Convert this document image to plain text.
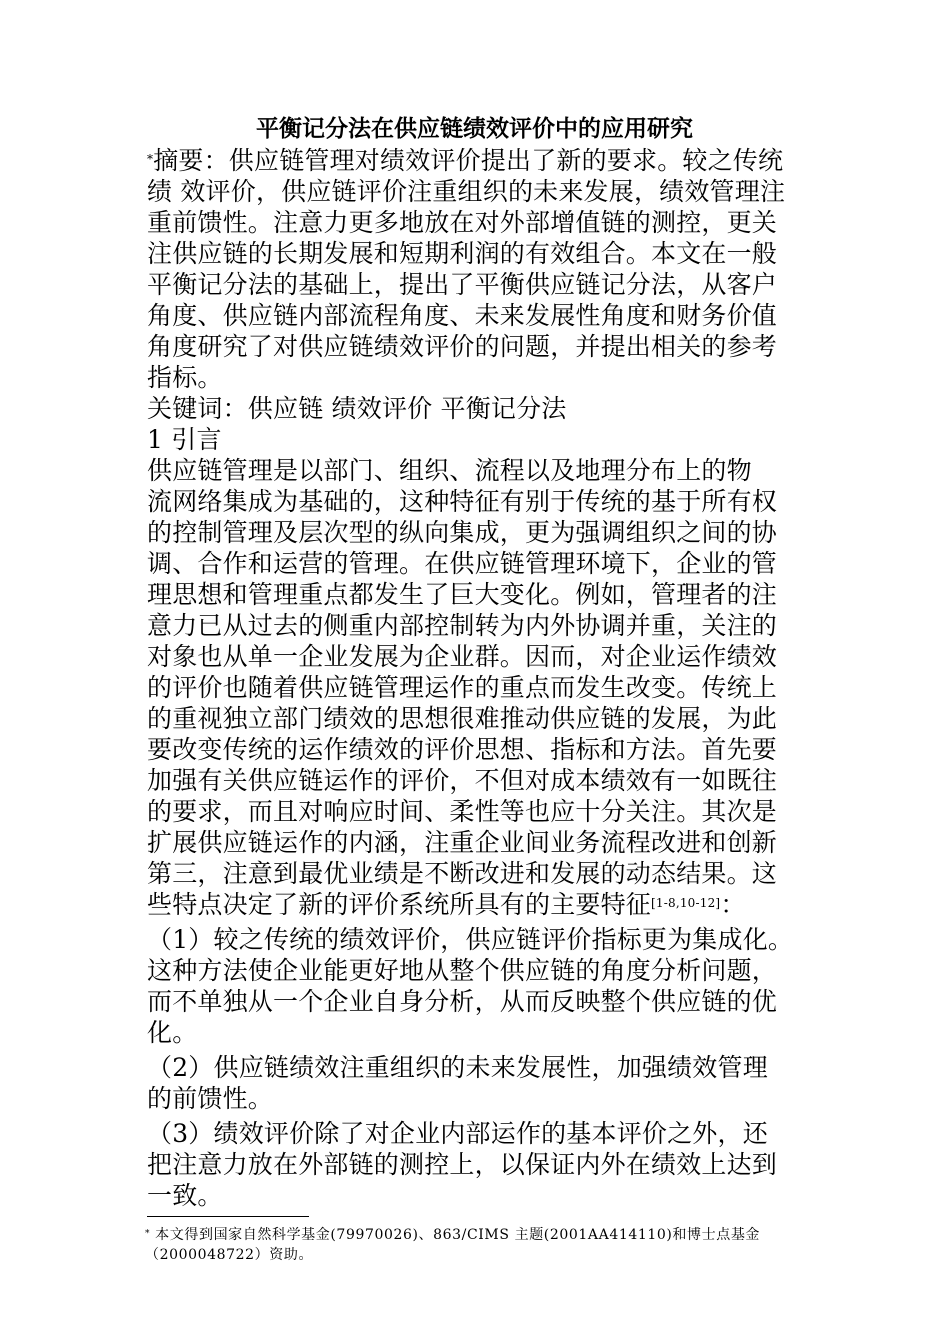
平衡记分法在供应链绩效评价中的应用研究
*摘要：供应链管理对绩效评价提出了新的要求。较之传统
绩 效评价，供应链评价注重组织的未来发展，绩效管理注
重前馈性。注意力更多地放在对外部增值链的测控，更关
注供应链的长期发展和短期利润的有效组合。本文在一般
平衡记分法的基础上，提出了平衡供应链记分法，从客户
角度、供应链内部流程角度、未来发展性角度和财务价值
角度研究了对供应链绩效评价的问题，并提出相关的参考
指标。
关键词：供应链 绩效评价 平衡记分法
1 引言
供应链管理是以部门、组织、流程以及地理分布上的物
流网络集成为基础的，这种特征有别于传统的基于所有权
的控制管理及层次型的纵向集成，更为强调组织之间的协
调、合作和运营的管理。在供应链管理环境下，企业的管
理思想和管理重点都发生了巨大变化。例如，管理者的注
意力已从过去的侧重内部控制转为内外协调并重，关注的
对象也从单一企业发展为企业群。因而，对企业运作绩效
的评价也随着供应链管理运作的重点而发生改变。传统上
的重视独立部门绩效的思想很难推动供应链的发展，为此
要改变传统的运作绩效的评价思想、指标和方法。首先要
加强有关供应链运作的评价，不但对成本绩效有一如既往
的要求，而且对响应时间、柔性等也应十分关注。其次是
扩展供应链运作的内涵，注重企业间业务流程改进和创新
第三，注意到最优业绩是不断改进和发展的动态结果。这
些特点决定了新的评价系统所具有的主要特征[1-8,10-12]：
（1）较之传统的绩效评价，供应链评价指标更为集成化。
这种方法使企业能更好地从整个供应链的角度分析问题，
而不单独从一个企业自身分析，从而反映整个供应链的优
化。
（2）供应链绩效注重组织的未来发展性，加强绩效管理
的前馈性。
（3）绩效评价除了对企业内部运作的基本评价之外，还
把注意力放在外部链的测控上，以保证内外在绩效上达到
一致。
* 本文得到国家自然科学基金(79970026)、863/CIMS 主题(2001AA414110)和博士点基金
（2000048722）资助。
